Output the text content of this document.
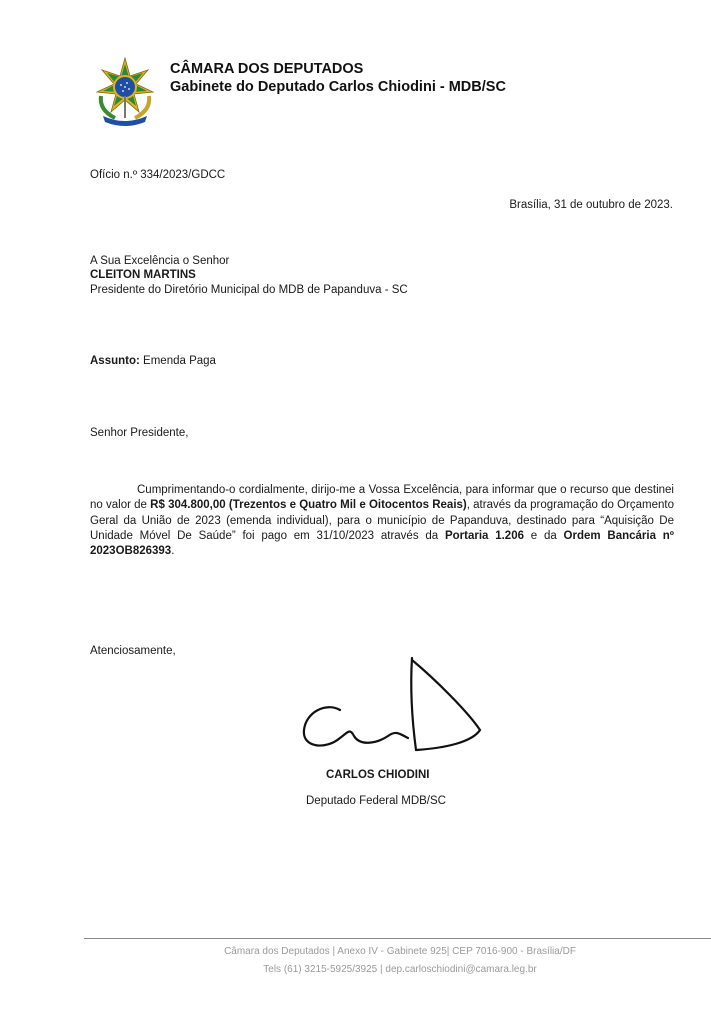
CÂMARA DOS DEPUTADOS
Gabinete do Deputado Carlos Chiodini - MDB/SC
Ofício n.º 334/2023/GDCC
Brasília, 31 de outubro de 2023.
A Sua Excelência o Senhor
CLEITON MARTINS
Presidente do Diretório Municipal do MDB de Papanduva - SC
Assunto: Emenda Paga
Senhor Presidente,
Cumprimentando-o cordialmente, dirijo-me a Vossa Excelência, para informar que o recurso que destinei no valor de R$ 304.800,00 (Trezentos e Quatro Mil e Oitocentos Reais), através da programação do Orçamento Geral da União de 2023 (emenda individual), para o município de Papanduva, destinado para “Aquisição De Unidade Móvel De Saúde” foi pago em 31/10/2023 através da Portaria 1.206 e da Ordem Bancária nº 2023OB826393.
Atenciosamente,
CARLOS CHIODINI
Deputado Federal MDB/SC
Câmara dos Deputados | Anexo IV - Gabinete 925| CEP 7016-900 - Brasília/DF
Tels (61) 3215-5925/3925 | dep.carloschiodini@camara.leg.br
